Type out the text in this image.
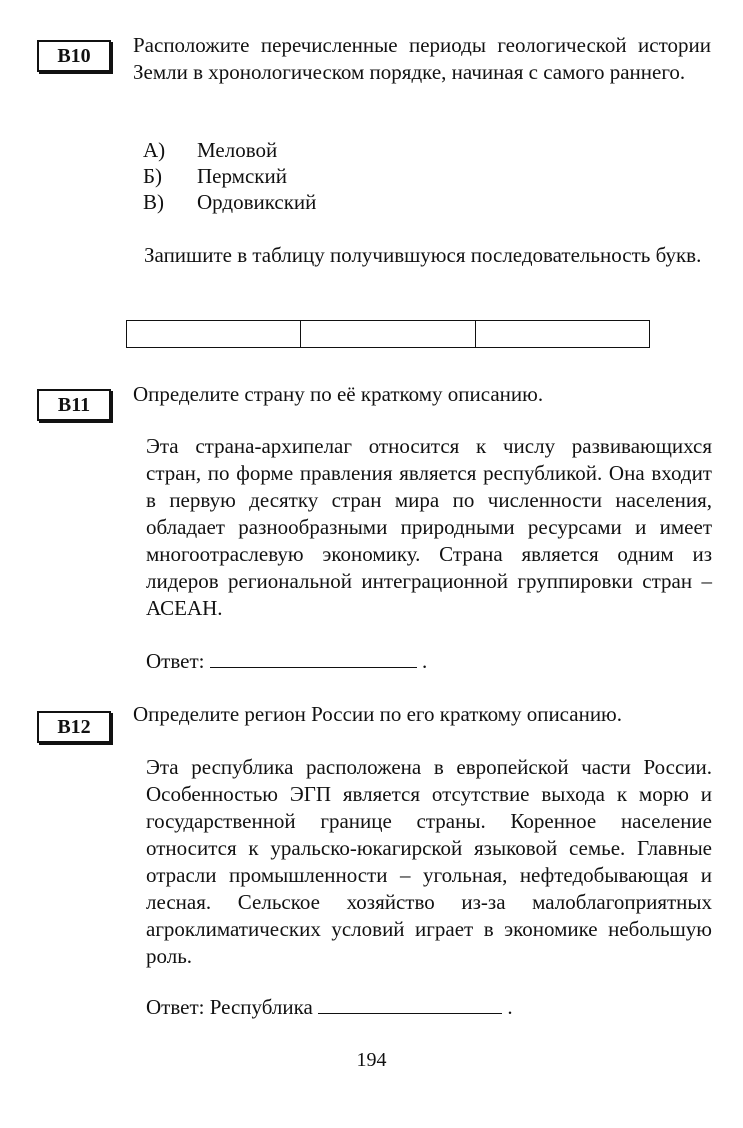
B10	Расположите перечисленные периоды геологической истории Земли в хронологическом порядке, начиная с самого раннего.
А) Меловой
Б) Пермский
В) Ордовикский
Запишите в таблицу получившуюся последовательность букв.
B11	Определите страну по её краткому описанию.
Эта страна-архипелаг относится к числу развивающихся стран, по форме правления является республикой. Она входит в первую десятку стран мира по численности населения, обладает разнообразными природными ресурсами и имеет многоотраслевую экономику. Страна является одним из лидеров региональной интеграционной группировки стран – АСЕАН.
Ответ:	.
B12
Определите регион России по его краткому описанию.
Эта республика расположена в европейской части России. Особенностью ЭГП является отсутствие выхода к морю и государственной границе страны. Коренное население относится к уральско-юкагирской языковой семье. Главные отрасли промышленности – угольная, нефтедобывающая и лесная. Сельское хозяйство из-за малоблагоприятных агроклиматических условий играет в экономике небольшую роль.
Ответ: Республика	.
194
